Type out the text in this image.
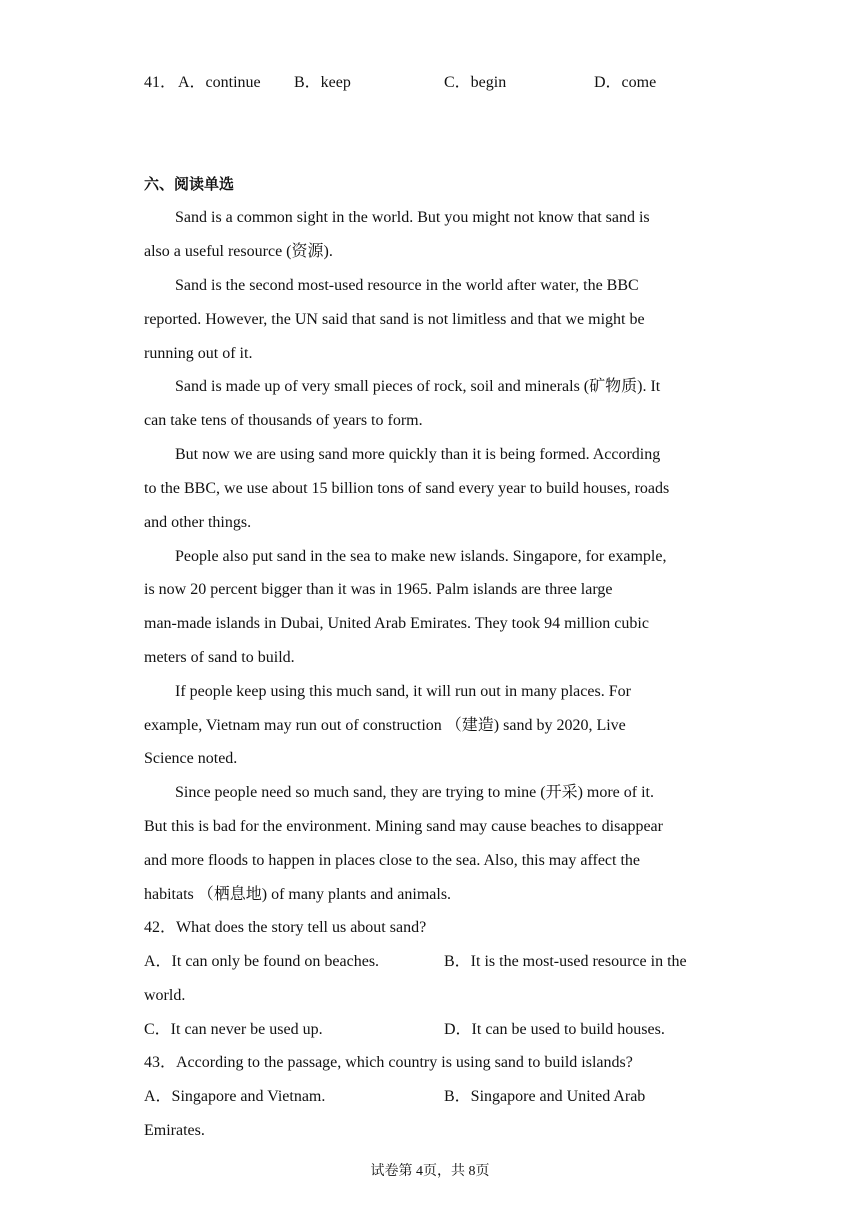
41． A．continue B．keep	C．begin	D．come
六、阅读单选
Sand is a common sight in the world. But you might not know that sand is
also a useful resource (资源).
Sand is the second most-used resource in the world after water, the BBC
reported. However, the UN said that sand is not limitless and that we might be
running out of it.
Sand is made up of very small pieces of rock, soil and minerals (矿物质). It
can take tens of thousands of years to form.
But now we are using sand more quickly than it is being formed. According
to the BBC, we use about 15 billion tons of sand every year to build houses, roads
and other things.
People also put sand in the sea to make new islands. Singapore, for example,
is now 20 percent bigger than it was in 1965. Palm islands are three large
man-made islands in Dubai, United Arab Emirates. They took 94 million cubic
meters of sand to build.
If people keep using this much sand, it will run out in many places. For
example, Vietnam may run out of construction （建造) sand by 2020, Live
Science noted.
Since people need so much sand, they are trying to mine (开采) more of it.
But this is bad for the environment. Mining sand may cause beaches to disappear
and more floods to happen in places close to the sea. Also, this may affect the
habitats （栖息地) of many plants and animals.
42．What does the story tell us about sand?
A．It can only be found on beaches.	B．It is the most-used resource in the
world.
C．It can never be used up.	D．It can be used to build houses.
43．According to the passage, which country is using sand to build islands?
A．Singapore and Vietnam.	B．Singapore and United Arab
Emirates.
试卷第 4页，共 8页
